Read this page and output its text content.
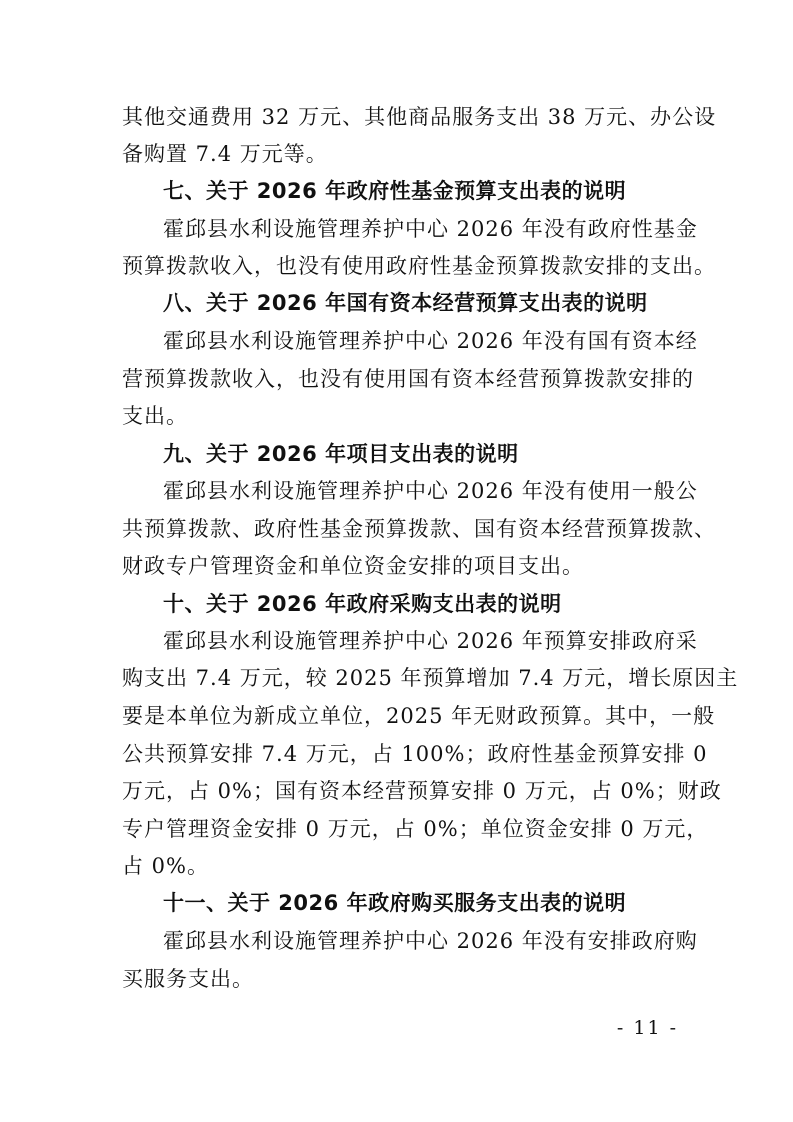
其他交通费用 32 万元、其他商品服务支出 38 万元、办公设
备购置 7.4 万元等。
七、关于 2026 年政府性基金预算支出表的说明
霍邱县水利设施管理养护中心 2026 年没有政府性基金
预算拨款收入，也没有使用政府性基金预算拨款安排的支出。
八、关于 2026 年国有资本经营预算支出表的说明
霍邱县水利设施管理养护中心 2026 年没有国有资本经
营预算拨款收入，也没有使用国有资本经营预算拨款安排的
支出。
九、关于 2026 年项目支出表的说明
霍邱县水利设施管理养护中心 2026 年没有使用一般公
共预算拨款、政府性基金预算拨款、国有资本经营预算拨款、
财政专户管理资金和单位资金安排的项目支出。
十、关于 2026 年政府采购支出表的说明
霍邱县水利设施管理养护中心 2026 年预算安排政府采
购支出 7.4 万元，较 2025 年预算增加 7.4 万元，增长原因主
要是本单位为新成立单位，2025 年无财政预算。其中，一般
公共预算安排 7.4 万元，占 100%；政府性基金预算安排 0
万元，占 0%；国有资本经营预算安排 0 万元，占 0%；财政
专户管理资金安排 0 万元，占 0%；单位资金安排 0 万元，
占 0%。
十一、关于 2026 年政府购买服务支出表的说明
霍邱县水利设施管理养护中心 2026 年没有安排政府购
买服务支出。
- 11 -
